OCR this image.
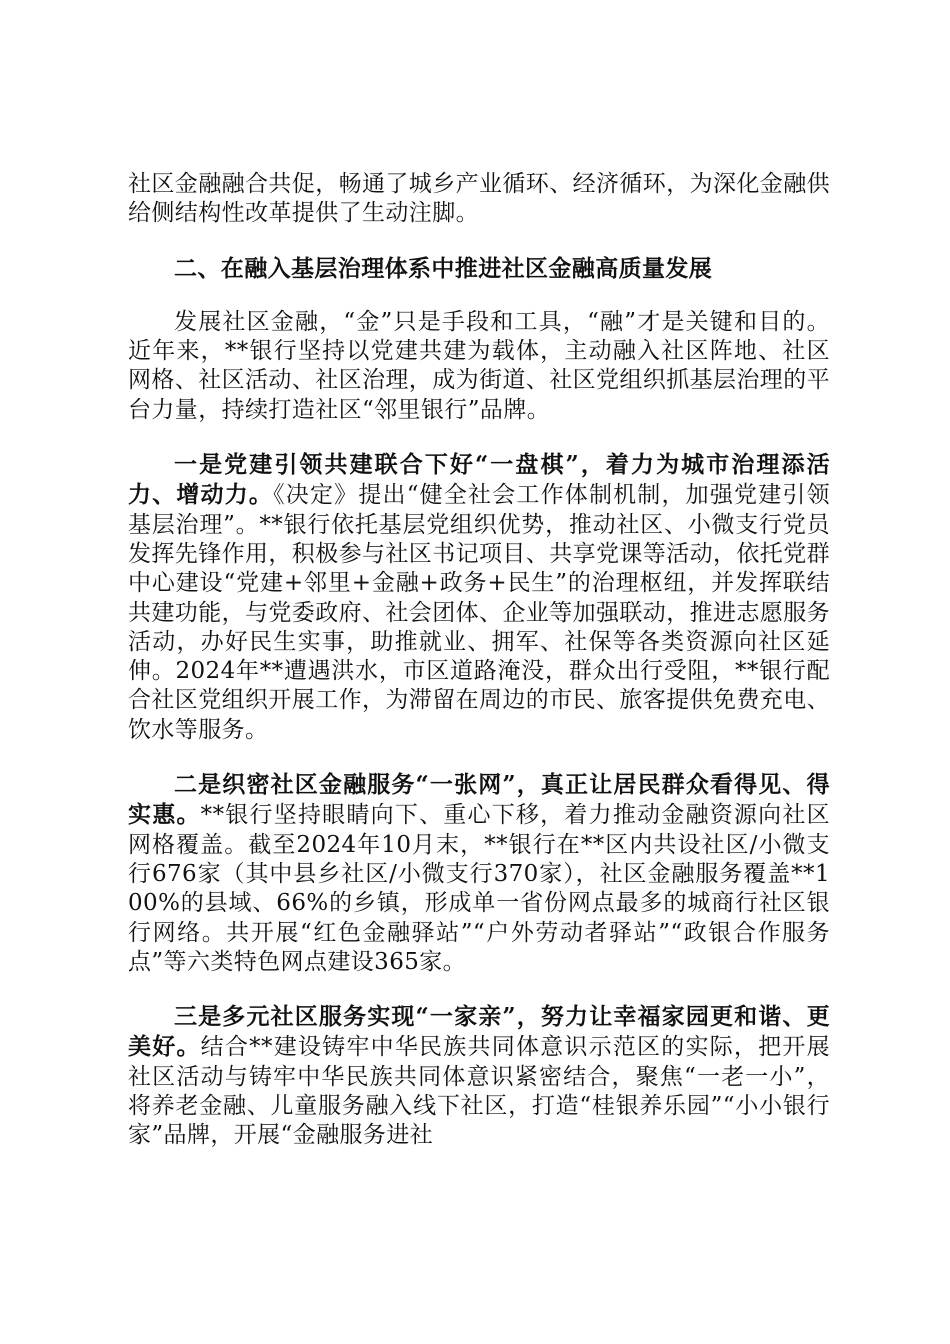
社区金融融合共促，畅通了城乡产业循环、经济循环，为深化金融供给侧结构性改革提供了生动注脚。

二、在融入基层治理体系中推进社区金融高质量发展

发展社区金融，“金”只是手段和工具，“融”才是关键和目的。近年来，**银行坚持以党建共建为载体，主动融入社区阵地、社区网格、社区活动、社区治理，成为街道、社区党组织抓基层治理的平台力量，持续打造社区“邻里银行”品牌。

一是党建引领共建联合下好“一盘棋”，着力为城市治理添活力、增动力。《决定》提出“健全社会工作体制机制，加强党建引领基层治理”。**银行依托基层党组织优势，推动社区、小微支行党员发挥先锋作用，积极参与社区书记项目、共享党课等活动，依托党群中心建设“党建+邻里+金融+政务+民生”的治理枢纽，并发挥联结共建功能，与党委政府、社会团体、企业等加强联动，推进志愿服务活动，办好民生实事，助推就业、拥军、社保等各类资源向社区延伸。2024年**遭遇洪水，市区道路淹没，群众出行受阻，**银行配合社区党组织开展工作，为滞留在周边的市民、旅客提供免费充电、饮水等服务。

二是织密社区金融服务“一张网”，真正让居民群众看得见、得实惠。**银行坚持眼睛向下、重心下移，着力推动金融资源向社区网格覆盖。截至2024年10月末，**银行在**区内共设社区/小微支行676家（其中县乡社区/小微支行370家），社区金融服务覆盖**100%的县域、66%的乡镇，形成单一省份网点最多的城商行社区银行网络。共开展“红色金融驿站”“户外劳动者驿站”“政银合作服务点”等六类特色网点建设365家。

三是多元社区服务实现“一家亲”，努力让幸福家园更和谐、更美好。结合**建设铸牢中华民族共同体意识示范区的实际，把开展社区活动与铸牢中华民族共同体意识紧密结合，聚焦“一老一小”，将养老金融、儿童服务融入线下社区，打造“桂银养乐园”“小小银行家”品牌，开展“金融服务进社
